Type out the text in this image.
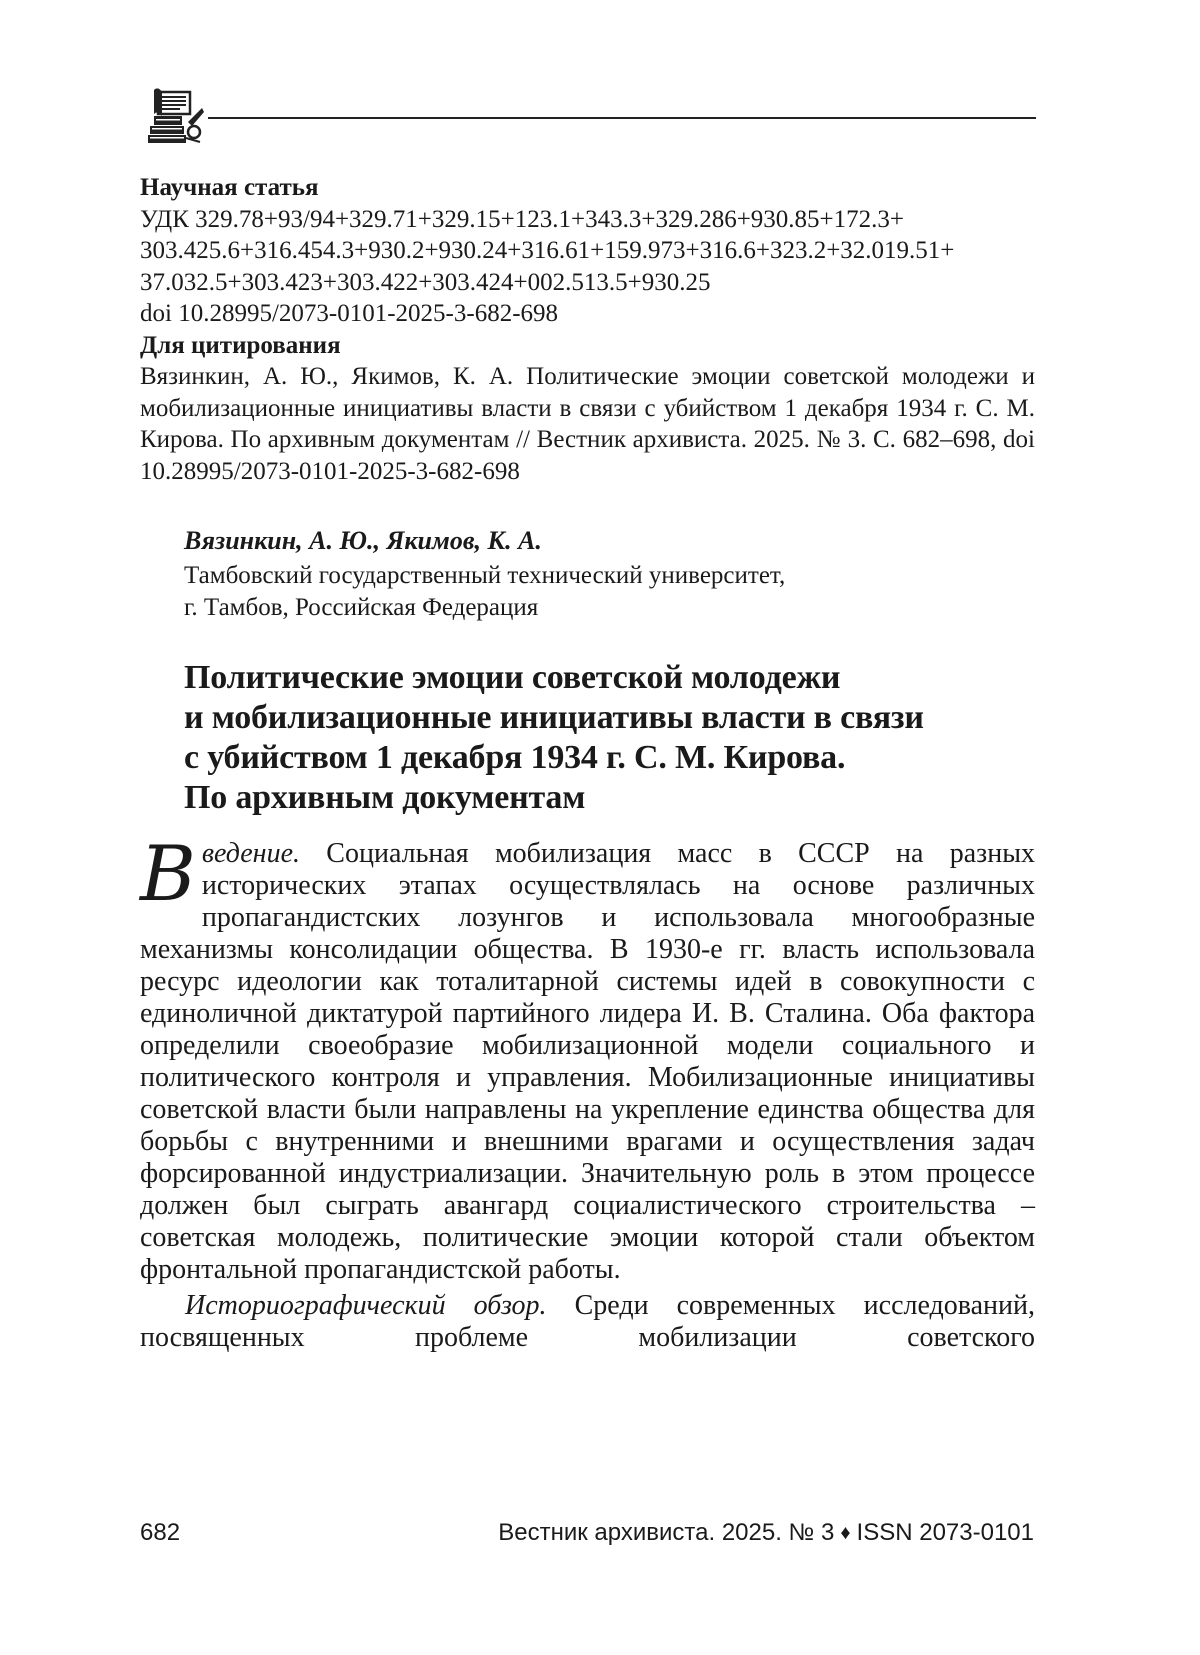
Научная статья
УДК 329.78+93/94+329.71+329.15+123.1+343.3+329.286+930.85+172.3+
303.425.6+316.454.3+930.2+930.24+316.61+159.973+316.6+323.2+32.019.51+
37.032.5+303.423+303.422+303.424+002.513.5+930.25
doi 10.28995/2073-0101-2025-3-682-698
Для цитирования
Вязинкин, А. Ю., Якимов, К. А. Политические эмоции советской молодежи и мобилизационные инициативы власти в связи с убийством 1 декабря 1934 г. С. М. Кирова. По архивным документам // Вестник архивиста. 2025. № 3. С. 682–698, doi 10.28995/2073-0101-2025-3-682-698
Вязинкин, А. Ю., Якимов, К. А.
Тамбовский государственный технический университет,
г. Тамбов, Российская Федерация
Политические эмоции советской молодежи
и мобилизационные инициативы власти в связи
с убийством 1 декабря 1934 г. С. М. Кирова.
По архивным документам

Введение. Социальная мобилизация масс в СССР на разных исторических этапах осуществлялась на основе различных пропагандистских лозунгов и использовала многообразные механизмы консолидации общества. В 1930-е гг. власть использовала ресурс идеологии как тоталитарной системы идей в совокупности с единоличной диктатурой партийного лидера И. В. Сталина. Оба фактора определили своеобразие мобилизационной модели социального и политического контроля и управления. Мобилизационные инициативы советской власти были направлены на укрепление единства общества для борьбы с внутренними и внешними врагами и осуществления задач форсированной индустриализации. Значительную роль в этом процессе должен был сыграть авангард социалистического строительства – советская молодежь, политические эмоции которой стали объектом фронтальной пропагандистской работы.

Историографический обзор. Среди современных исследований, посвященных проблеме мобилизации советского

682	Вестник архивиста. 2025. № 3 ♦ ISSN 2073-0101
